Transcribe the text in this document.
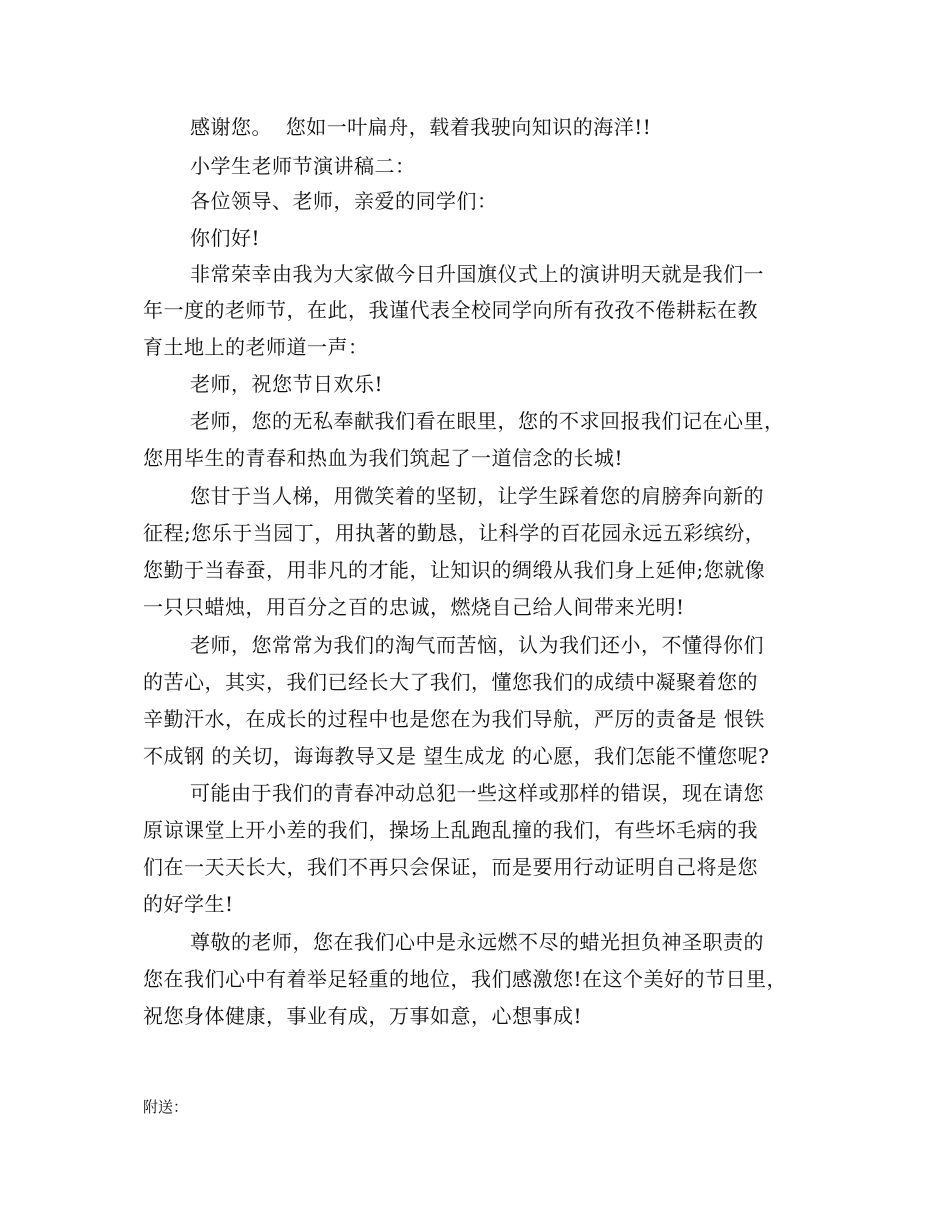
感谢您。  您如一叶扁舟，载着我驶向知识的海洋!!
小学生老师节演讲稿二：
各位领导、老师，亲爱的同学们：
你们好!
非常荣幸由我为大家做今日升国旗仪式上的演讲明天就是我们一
年一度的老师节，在此，我谨代表全校同学向所有孜孜不倦耕耘在教
育土地上的老师道一声：
老师，祝您节日欢乐!
老师，您的无私奉献我们看在眼里，您的不求回报我们记在心里，
您用毕生的青春和热血为我们筑起了一道信念的长城!
您甘于当人梯，用微笑着的坚韧，让学生踩着您的肩膀奔向新的
征程;您乐于当园丁，用执著的勤恳，让科学的百花园永远五彩缤纷，
您勤于当春蚕，用非凡的才能，让知识的绸缎从我们身上延伸;您就像
一只只蜡烛，用百分之百的忠诚，燃烧自己给人间带来光明!
老师，您常常为我们的淘气而苦恼，认为我们还小，不懂得你们
的苦心，其实，我们已经长大了我们，懂您我们的成绩中凝聚着您的
辛勤汗水，在成长的过程中也是您在为我们导航，严厉的责备是 恨铁
不成钢 的关切，诲诲教导又是 望生成龙 的心愿，我们怎能不懂您呢?
可能由于我们的青春冲动总犯一些这样或那样的错误，现在请您
原谅课堂上开小差的我们，操场上乱跑乱撞的我们，有些坏毛病的我
们在一天天长大，我们不再只会保证，而是要用行动证明自己将是您
的好学生!
尊敬的老师，您在我们心中是永远燃不尽的蜡光担负神圣职责的
您在我们心中有着举足轻重的地位，我们感激您!在这个美好的节日里，
祝您身体健康，事业有成，万事如意，心想事成!
附送：
